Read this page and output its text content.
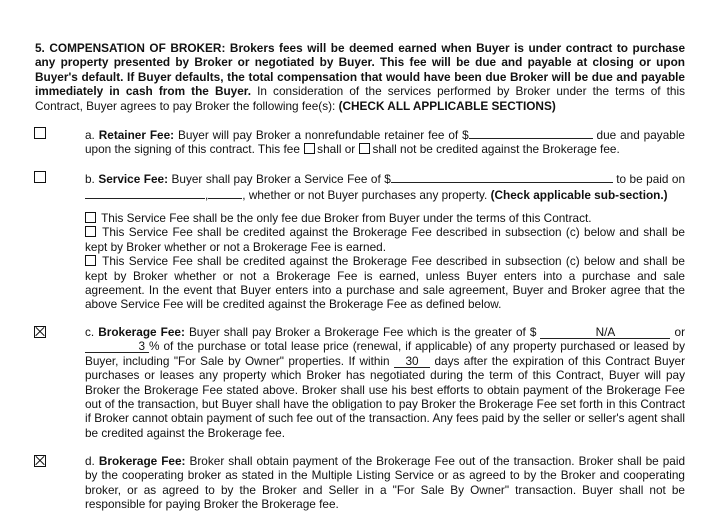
5. COMPENSATION OF BROKER: Brokers fees will be deemed earned when Buyer is under contract to purchase any property presented by Broker or negotiated by Buyer. This fee will be due and payable at closing or upon Buyer's default. If Buyer defaults, the total compensation that would have been due Broker will be due and payable immediately in cash from the Buyer. In consideration of the services performed by Broker under the terms of this Contract, Buyer agrees to pay Broker the following fee(s): (CHECK ALL APPLICABLE SECTIONS)
a. Retainer Fee: Buyer will pay Broker a nonrefundable retainer fee of $	due and payable upon the signing of this contract. This fee shall or shall not be credited against the Brokerage fee.
b. Service Fee: Buyer shall pay Broker a Service Fee of $	to be paid on ,	, whether or not Buyer purchases any property. (Check applicable sub-section.)
This Service Fee shall be the only fee due Broker from Buyer under the terms of this Contract.
This Service Fee shall be credited against the Brokerage Fee described in subsection (c) below and shall be kept by Broker whether or not a Brokerage Fee is earned.
This Service Fee shall be credited against the Brokerage Fee described in subsection (c) below and shall be kept by Broker whether or not a Brokerage Fee is earned, unless Buyer enters into a purchase and sale agreement. In the event that Buyer enters into a purchase and sale agreement, Buyer and Broker agree that the above Service Fee will be credited against the Brokerage Fee as defined below.
c. Brokerage Fee: Buyer shall pay Broker a Brokerage Fee which is the greater of $	N/A	or 3 % of the purchase or total lease price (renewal, if applicable) of any property purchased or leased by Buyer, including "For Sale by Owner" properties. If within 30 days after the expiration of this Contract Buyer purchases or leases any property which Broker has negotiated during the term of this Contract, Buyer will pay Broker the Brokerage Fee stated above. Broker shall use his best efforts to obtain payment of the Brokerage Fee out of the transaction, but Buyer shall have the obligation to pay Broker the Brokerage Fee set forth in this Contract if Broker cannot obtain payment of such fee out of the transaction. Any fees paid by the seller or seller's agent shall be credited against the Brokerage fee.
d. Brokerage Fee: Broker shall obtain payment of the Brokerage Fee out of the transaction. Broker shall be paid by the cooperating broker as stated in the Multiple Listing Service or as agreed to by the Broker and cooperating broker, or as agreed to by the Broker and Seller in a "For Sale By Owner" transaction. Buyer shall not be responsible for paying Broker the Brokerage fee.
